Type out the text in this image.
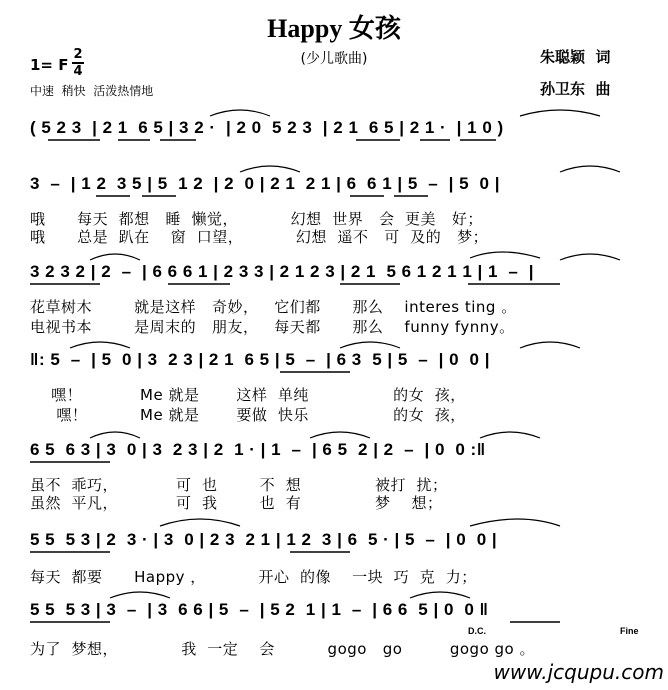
Happy 女孩
(少儿歌曲)	朱聪颖  词
孙卫东  曲
1= F
2
4
中速  稍快  活泼热情地
( 5 2 3  | 2 1  6 5 | 3 2 ·  | 2 0  5 2 3  | 2 1  6 5 | 2 1 ·  | 1 0 )
3  –  | 1 2  3 5 | 5  1 2  | 2  0 | 2 1  2 1 | 6  6 1 | 5  –  | 5  0 |
哦      每天  都想   睡  懒觉，          幻想  世界   会  更美   好；
哦      总是  趴在    窗  口望，          幻想  遥不   可  及的   梦；
3 2 3 2 | 2  –  | 6 6 6 1 | 2 3 3 | 2 1 2 3 | 2 1  5 6 1 2 1 1 | 1  –  |
花草树木        就是这样   奇妙，   它们都      那么    interes ting 。
电视书本        是周末的   朋友，   每天都      那么    funny fynny。
‖: 5  –  | 5  0 | 3  2 3 | 2 1  6 5 | 5  –  | 6 3  5 | 5  –  | 0  0 |
嘿！           Me 就是       这样  单纯                的女  孩，
嘿！          Me 就是       要做  快乐                的女  孩，
6 5  6 3 | 3  0 | 3  2 3 | 2  1 · | 1  –  | 6 5  2 | 2  –  | 0  0 :‖
虽不  乖巧，           可  也        不  想              被打  扰；
虽然  平凡，           可  我        也  有              梦    想；
5 5  5 3 | 2  3 · | 3  0 | 2 3  2 1 | 1 2  3 | 6  5 · | 5  –  | 0  0 |
每天  都要      Happy ，          开心  的像    一块  巧  克  力；
5 5  5 3 | 3  –  | 3  6 6 | 5  –  | 5 2  1 | 1  –  | 6 6  5 | 0  0 ‖
D.C.	Fine
为了  梦想，            我  一定    会          gogo   go         gogo go 。
www.jcqupu.com
